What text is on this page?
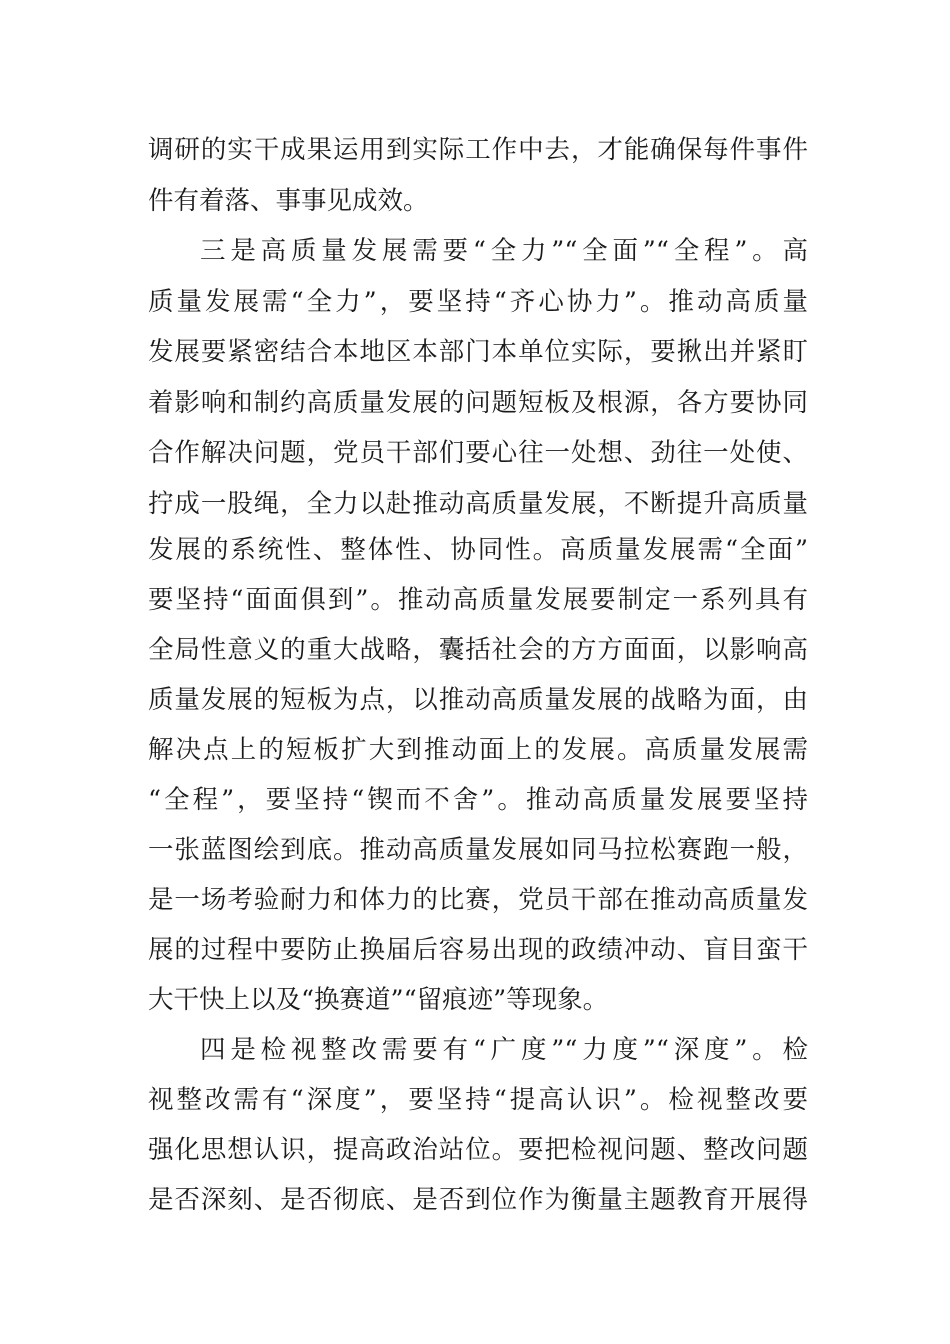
调研的实干成果运用到实际工作中去，才能确保每件事件
件有着落、事事见成效。
三是高质量发展需要“全力”“全面”“全程”。高
质量发展需“全力”，要坚持“齐心协力”。推动高质量
发展要紧密结合本地区本部门本单位实际，要揪出并紧盯
着影响和制约高质量发展的问题短板及根源，各方要协同
合作解决问题，党员干部们要心往一处想、劲往一处使、
拧成一股绳，全力以赴推动高质量发展，不断提升高质量
发展的系统性、整体性、协同性。高质量发展需“全面”
要坚持“面面俱到”。推动高质量发展要制定一系列具有
全局性意义的重大战略，囊括社会的方方面面，以影响高
质量发展的短板为点，以推动高质量发展的战略为面，由
解决点上的短板扩大到推动面上的发展。高质量发展需
“全程”，要坚持“锲而不舍”。推动高质量发展要坚持
一张蓝图绘到底。推动高质量发展如同马拉松赛跑一般，
是一场考验耐力和体力的比赛，党员干部在推动高质量发
展的过程中要防止换届后容易出现的政绩冲动、盲目蛮干
大干快上以及“换赛道”“留痕迹”等现象。
四是检视整改需要有“广度”“力度”“深度”。检
视整改需有“深度”，要坚持“提高认识”。检视整改要
强化思想认识，提高政治站位。要把检视问题、整改问题
是否深刻、是否彻底、是否到位作为衡量主题教育开展得
